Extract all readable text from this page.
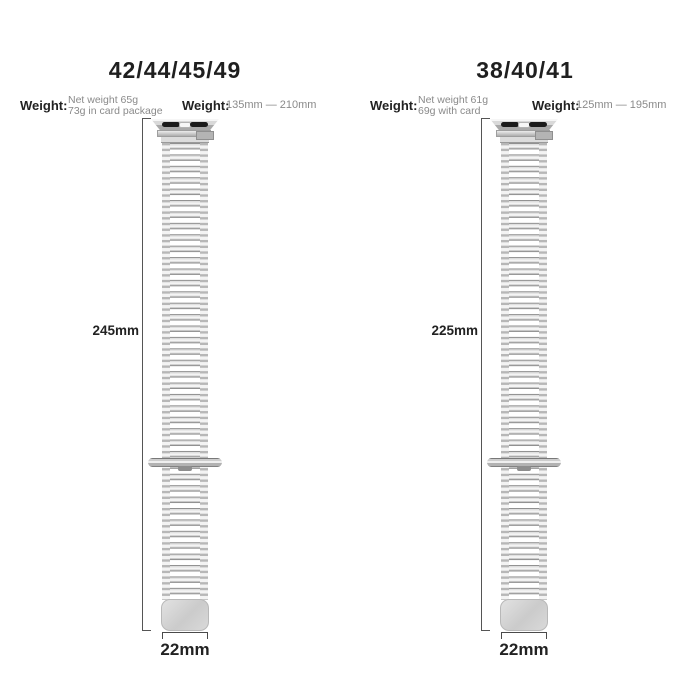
42/44/45/49
Weight: Net weight 65g
73g in card package Weight:
135mm — 210mm
245mm
22mm
38/40/41
Weight: Net weight 61g
69g with card	Weight:
125mm — 195mm
225mm
22mm
